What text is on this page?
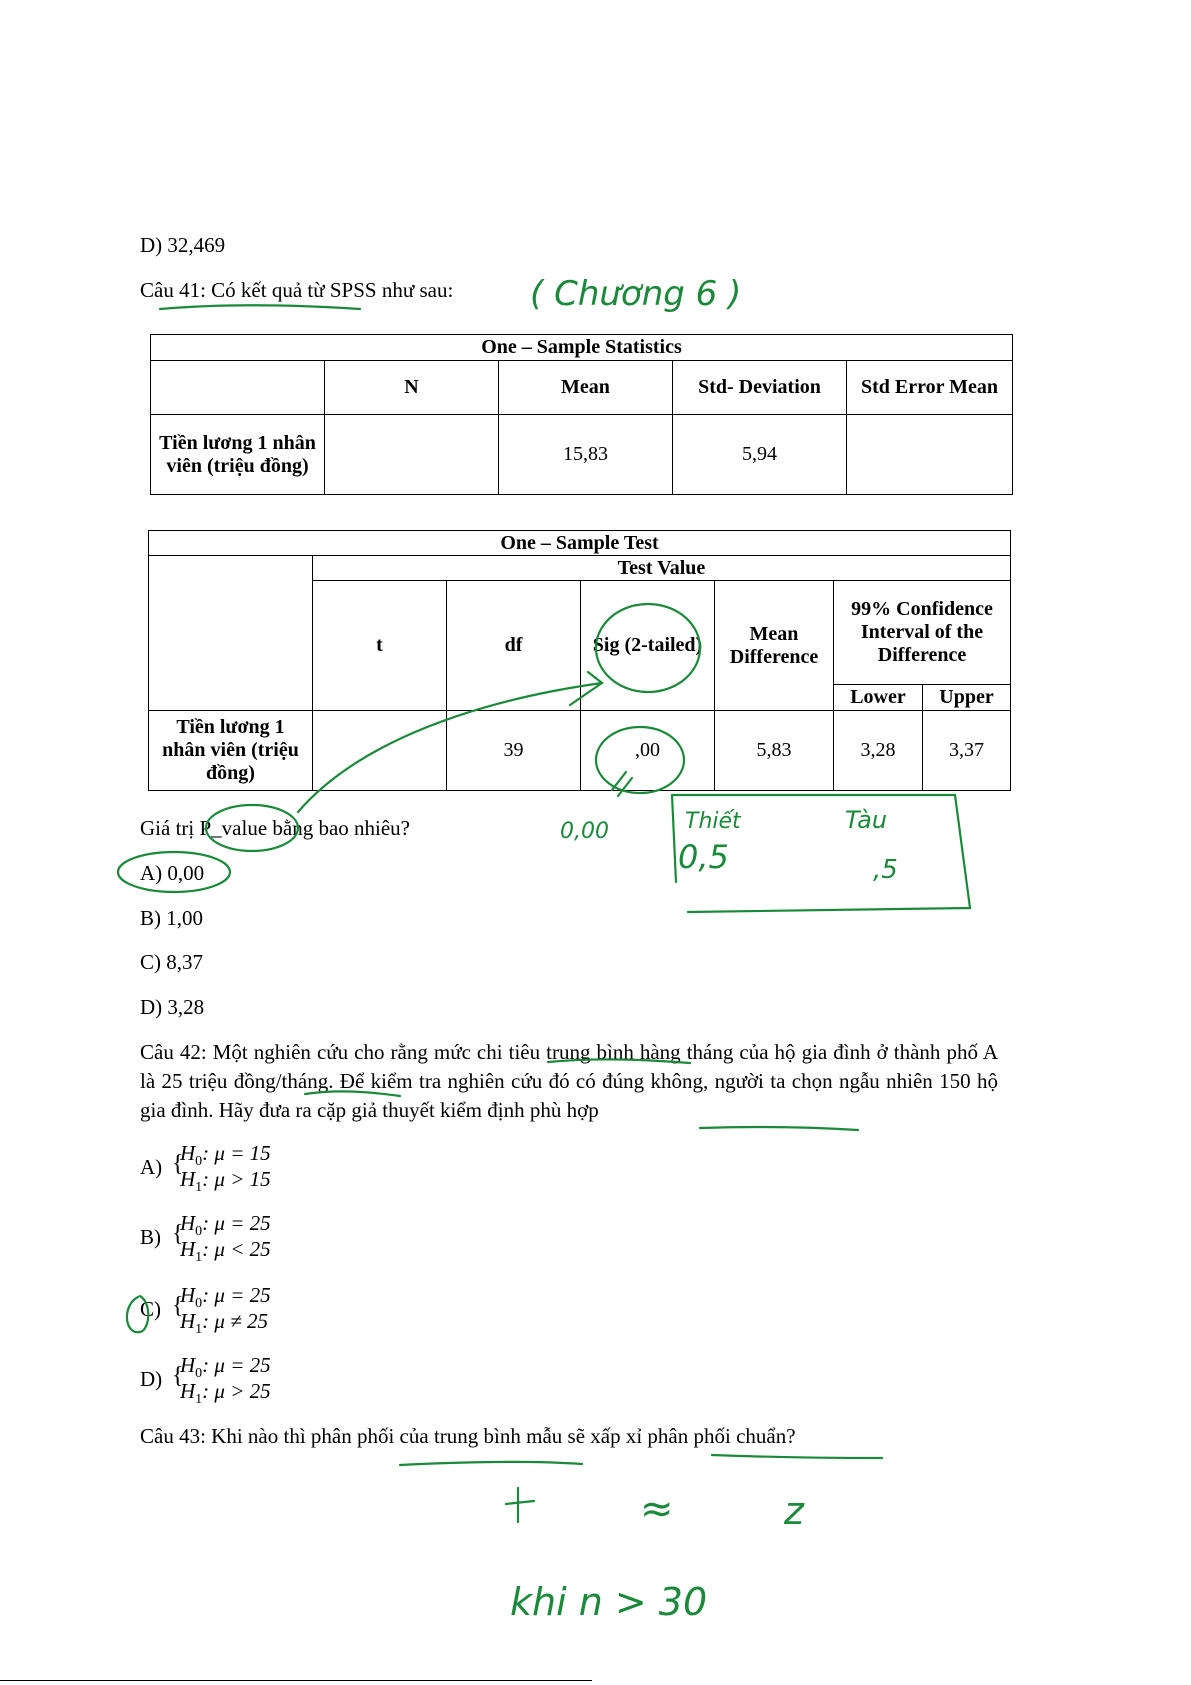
D) 32,469
Câu 41: Có kết quả từ SPSS như sau:
One – Sample Statistics				
	N	Mean	Std- Deviation	Std Error Mean
Tiền lương 1 nhân viên (triệu đồng)		15,83	5,94	
One – Sample Test						
	Test Value					
	t	df	Sig (2-tailed)	Mean Difference	99% Confidence Interval of the Difference	
					Lower	Upper
Tiền lương 1 nhân viên (triệu đồng)		39	,00	5,83	3,28	3,37
Giá trị P_value bằng bao nhiêu?
A) 0,00
B) 1,00
C) 8,37
D) 3,28
Câu 42: Một nghiên cứu cho rằng mức chi tiêu trung bình hàng tháng của hộ gia đình ở thành phố A là 25 triệu đồng/tháng. Để kiểm tra nghiên cứu đó có đúng không, người ta chọn ngẫu nhiên 150 hộ gia đình. Hãy đưa ra cặp giả thuyết kiểm định phù hợp
A) {
$H_0$: μ = 15
$H_1$: μ > 15
B) {
$H_0$: μ = 25
$H_1$: μ < 25
C) {
$H_0$: μ = 25
$H_1$: μ ≠ 25
D) {
$H_0$: μ = 25
$H_1$: μ > 25
Câu 43: Khi nào thì phân phối của trung bình mẫu sẽ xấp xỉ phân phối chuẩn?
( Chương 6 )
0,00	Thiết
0,5
Tàu
,5
≈	z
khi n > 30
